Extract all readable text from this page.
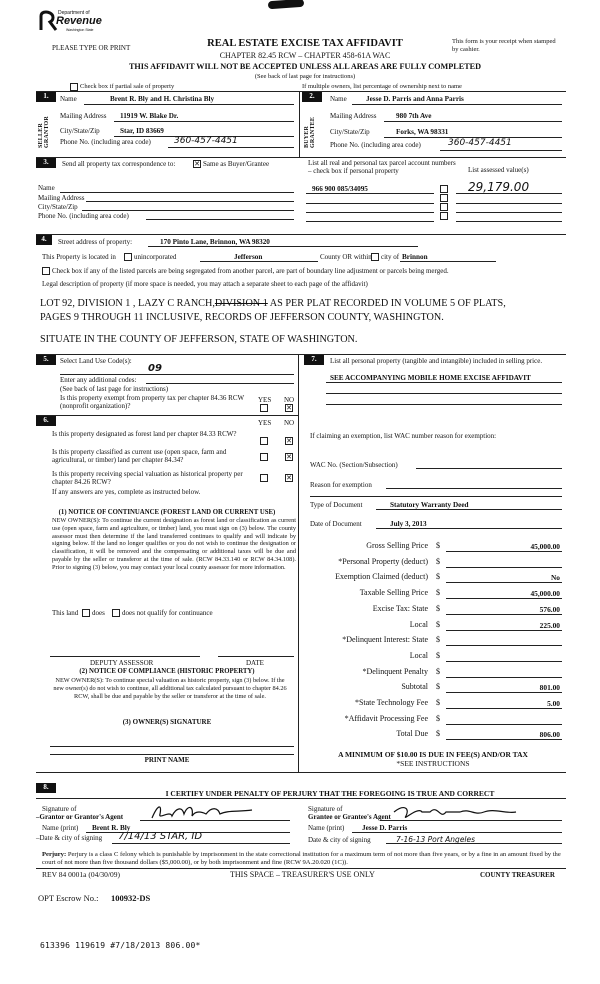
Department of
Revenue
Washington State
PLEASE TYPE OR PRINT	REAL ESTATE EXCISE TAX AFFIDAVIT
CHAPTER 82.45 RCW – CHAPTER 458-61A WAC
THIS AFFIDAVIT WILL NOT BE ACCEPTED UNLESS ALL AREAS ARE FULLY COMPLETED
(See back of last page for instructions)
This form is your receipt when stamped by cashier.
Check box if partial sale of property	If multiple owners, list percentage of ownership next to name
1.
SELLER GRANTOR
Name	Brent R. Bly and H. Christina Bly
Mailing Address 11919 W. Blake Dr.
City/State/Zip	Star, ID 83669
Phone No. (including area code)	360-457-4451
2.
BUYER GRANTEE
Name	Jesse D. Parris and Anna Parris
Mailing Address	980 7th Ave
City/State/Zip	Forks, WA 98331
Phone No. (including area code)	360-457-4451
3.	Send all property tax correspondence to:	✕ Same as Buyer/Grantee	List all real and personal tax parcel account numbers – check box if personal property	List assessed value(s)
Name
Mailing Address
City/State/Zip
Phone No. (including area code)
966 900 085/34095	29,179.00
4.	Street address of property:	170 Pinto Lane, Brinnon, WA 98320
This Property is located in	unincorporated	Jefferson	County OR within city of Brinnon
Check box if any of the listed parcels are being segregated from another parcel, are part of boundary line adjustment or parcels being merged.
Legal description of property (if more space is needed, you may attach a separate sheet to each page of the affidavit)
LOT 92, DIVISION 1 , LAZY C RANCH,DIVISION 1 AS PER PLAT RECORDED IN VOLUME 5 OF PLATS,
PAGES 9 THROUGH 11 INCLUSIVE, RECORDS OF JEFFERSON COUNTY, WASHINGTON.
SITUATE IN THE COUNTY OF JEFFERSON, STATE OF WASHINGTON.
5.	Select Land Use Code(s):
09
Enter any additional codes:
(See back of last page for instructions)
Is this property exempt from property tax per chapter 84.36 RCW (nonprofit organization)?
YES NO
✕
6.	YES NO
Is this property designated as forest land per chapter 84.33 RCW?
✕
Is this property classified as current use (open space, farm and agricultural, or timber) land per chapter 84.34?	✕
Is this property receiving special valuation as historical property per chapter 84.26 RCW?	✕
If any answers are yes, complete as instructed below.
(1) NOTICE OF CONTINUANCE (FOREST LAND OR CURRENT USE)
NEW OWNER(S): To continue the current designation as forest land or classification as current use (open space, farm and agriculture, or timber) land, you must sign on (3) below. The county assessor must then determine if the land transferred continues to qualify and will indicate by signing below. If the land no longer qualifies or you do not wish to continue the designation or classification, it will be removed and the compensating or additional taxes will be due and payable by the seller or transferor at the time of sale. (RCW 84.33.140 or RCW 84.34.108). Prior to signing (3) below, you may contact your local county assessor for more information.
This land does does not qualify for continuance
DEPUTY ASSESSOR	DATE
(2) NOTICE OF COMPLIANCE (HISTORIC PROPERTY)
NEW OWNER(S): To continue special valuation as historic property, sign (3) below. If the new owner(s) do not wish to continue, all additional tax calculated pursuant to chapter 84.26 RCW, shall be due and payable by the seller or transferor at the time of sale.
(3) OWNER(S) SIGNATURE
PRINT NAME
7.	List all personal property (tangible and intangible) included in selling price.
SEE ACCOMPANYING MOBILE HOME EXCISE AFFIDAVIT
If claiming an exemption, list WAC number reason for exemption:
WAC No. (Section/Subsection)
Reason for exemption
Type of Document	Statutory Warranty Deed
Date of Document	July 3, 2013
Gross Selling Price $	45,000.00
*Personal Property (deduct) $
Exemption Claimed (deduct) $	No
Taxable Selling Price $	45,000.00
Excise Tax: State $	576.00
Local $	225.00
*Delinquent Interest: State $
Local $
*Delinquent Penalty $
Subtotal $	801.00
*State Technology Fee $	5.00
*Affidavit Processing Fee $
Total Due $	806.00
A MINIMUM OF $10.00 IS DUE IN FEE(S) AND/OR TAX
*SEE INSTRUCTIONS
8.
I CERTIFY UNDER PENALTY OF PERJURY THAT THE FOREGOING IS TRUE AND CORRECT
Signature of
–Grantor or Grantor's Agent
Name (print) Brent R. Bly
–Date & city of signing 7/14/13 STAR, ID
Signature of
Grantee or Grantee's Agent
Name (print) Jesse D. Parris
Date & city of signing	7-16-13 Port Angeles
Perjury: Perjury is a class C felony which is punishable by imprisonment in the state correctional institution for a maximum term of not more than five years, or by a fine in an amount fixed by the court of not more than five thousand dollars ($5,000.00), or by both imprisonment and fine (RCW 9A.20.020 (1C)).
REV 84 0001a (04/30/09)	THIS SPACE – TREASURER'S USE ONLY	COUNTY TREASURER
OPT Escrow No.: 100932-DS
613396 119619 #7/18/2013 806.00*
